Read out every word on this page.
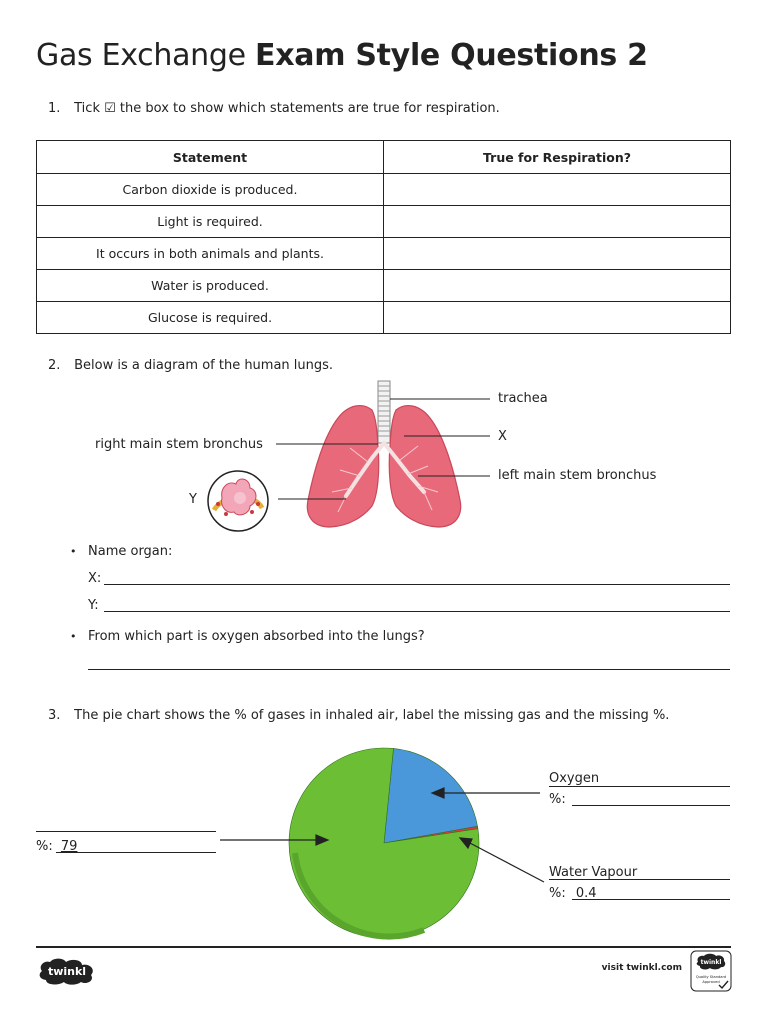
Gas Exchange Exam Style Questions 2
1. Tick ☑ the box to show which statements are true for respiration.
Statement	True for Respiration?
Carbon dioxide is produced.	
Light is required.	
It occurs in both animals and plants.	
Water is produced.	
Glucose is required.	
2. Below is a diagram of the human lungs.
trachea
X
right main stem bronchus
left main stem bronchus
Y
• Name organ:
X:
Y:
• From which part is oxygen absorbed into the lungs?
3. The pie chart shows the % of gases in inhaled air, label the missing gas and the missing %.
%: 79
Oxygen
%:
Water Vapour
%: 0.4
twinkl	visit twinkl.com
twinkl
Quality Standard
Approved
